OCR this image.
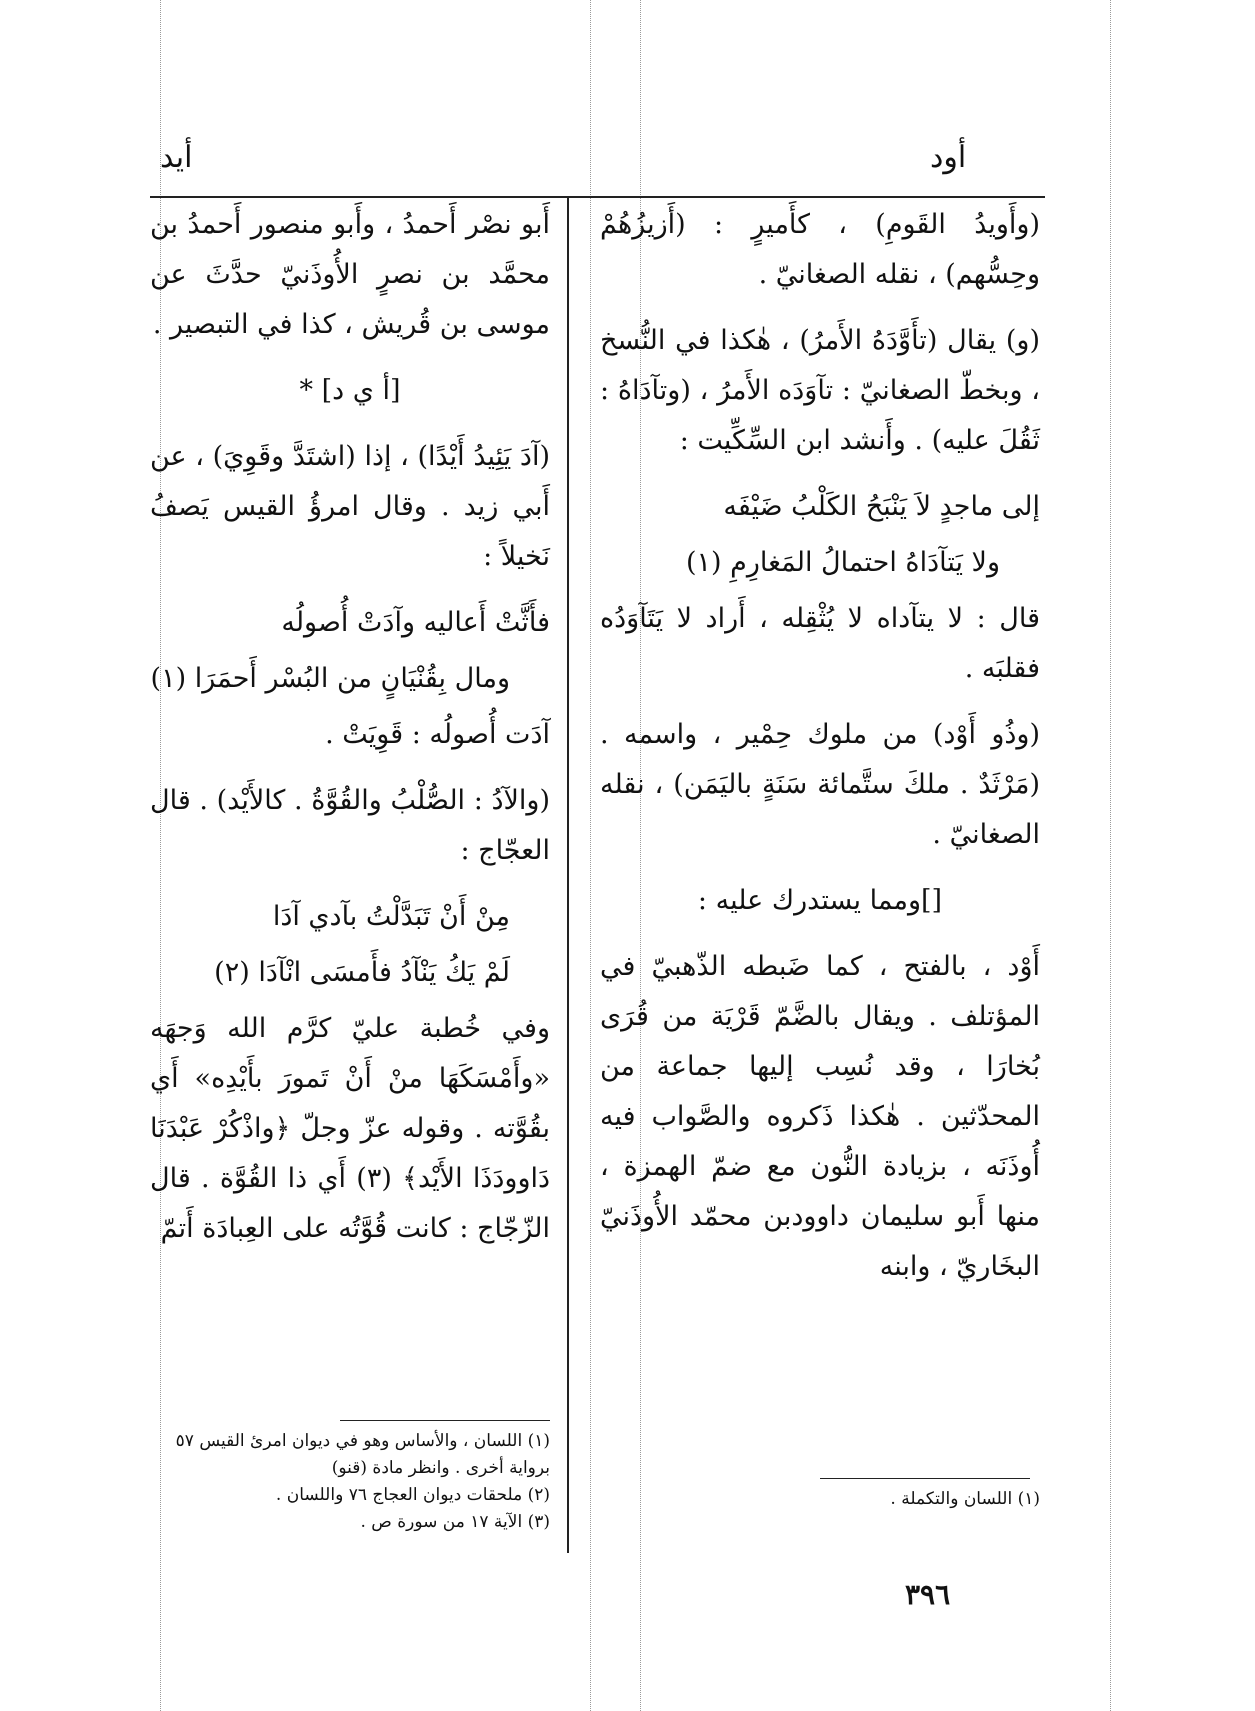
أود
أيد

(وأَويدُ القَومِ) ، كأَميرٍ : (أَزيزُهُمْ وحِسُّهم) ، نقله الصغانيّ .

(و) يقال (تأَوَّدَهُ الأَمرُ) ، هٰكذا في النُّسخ ، وبخطّ الصغانيّ : تآوَدَه الأَمرُ ، (وتآدَاهُ : ثَقُلَ عليه) . وأَنشد ابن السِّكِّيت :

إلى ماجدٍ لاَ يَنْبَحُ الكَلْبُ ضَيْفَه
ولا يَتآدَاهُ احتمالُ المَغارِمِ (١)

قال : لا يتآداه لا يُثْقِله ، أَراد لا يَتَآوَدُه فقلبَه .

(وذُو أَوْد) من ملوك حِمْير ، واسمه . (مَرْثَدٌ . ملكَ ستَّمائة سَنَةٍ باليَمَن) ، نقله الصغانيّ .

[]ومما يستدرك عليه :

أَوْد ، بالفتح ، كما ضَبطه الذّهبيّ في المؤتلف . ويقال بالضَّمّ قَرْيَة من قُرَى بُخارَا ، وقد نُسِب إليها جماعة من المحدّثين . هٰكذا ذَكروه والصَّواب فيه أُوذَنَه ، بزيادة النُّون مع ضمّ الهمزة ، منها أَبو سليمان داوودبن محمّد الأُوذَنيّ البخَاريّ ، وابنه

أَبو نصْر أَحمدُ ، وأَبو منصور أَحمدُ بن محمَّد بن نصرٍ الأُوذَنيّ حدَّثَ عن موسى بن قُريش ، كذا في التبصير .

[أ ي د] *

(آدَ يَئِيدُ أَيْدًا) ، إذا (اشتَدَّ وقَوِيَ) ، عن أَبي زيد . وقال امرؤُ القيس يَصفُ نَخيلاً :

فأَثَّتْ أَعاليه وآدَتْ أُصولُه
ومال بِقُنْيَانٍ من البُسْر أَحمَرَا (١)

آدَت أُصولُه : قَوِيَتْ .

(والآدُ : الصُّلْبُ والقُوَّةُ . كالأَيْد) . قال العجّاج :

مِنْ أَنْ تَبَدَّلْتُ بآدي آدَا
لَمْ يَكُ يَنْآدُ فأَمسَى انْآدَا (٢)

وفي خُطبة عليّ كرَّم الله وَجهَه «وأَمْسَكَهَا منْ أَنْ تَمورَ بأَيْدِه» أَي بقُوَّته . وقوله عزّ وجلّ ﴿واذْكُرْ عَبْدَنَا دَاوودَذَا الأَيْد﴾ (٣) أَي ذا القُوَّة . قال الزّجّاج : كانت قُوَّتُه على العِبادَة أَتمّ

(١) اللسان ، والأساس وهو في ديوان امرئ القيس ٥٧ برواية أخرى . وانظر مادة (قنو)
(٢) ملحقات ديوان العجاج ٧٦ واللسان .
(٣) الآية ١٧ من سورة ص .
(١) اللسان والتكملة .
٣٩٦
